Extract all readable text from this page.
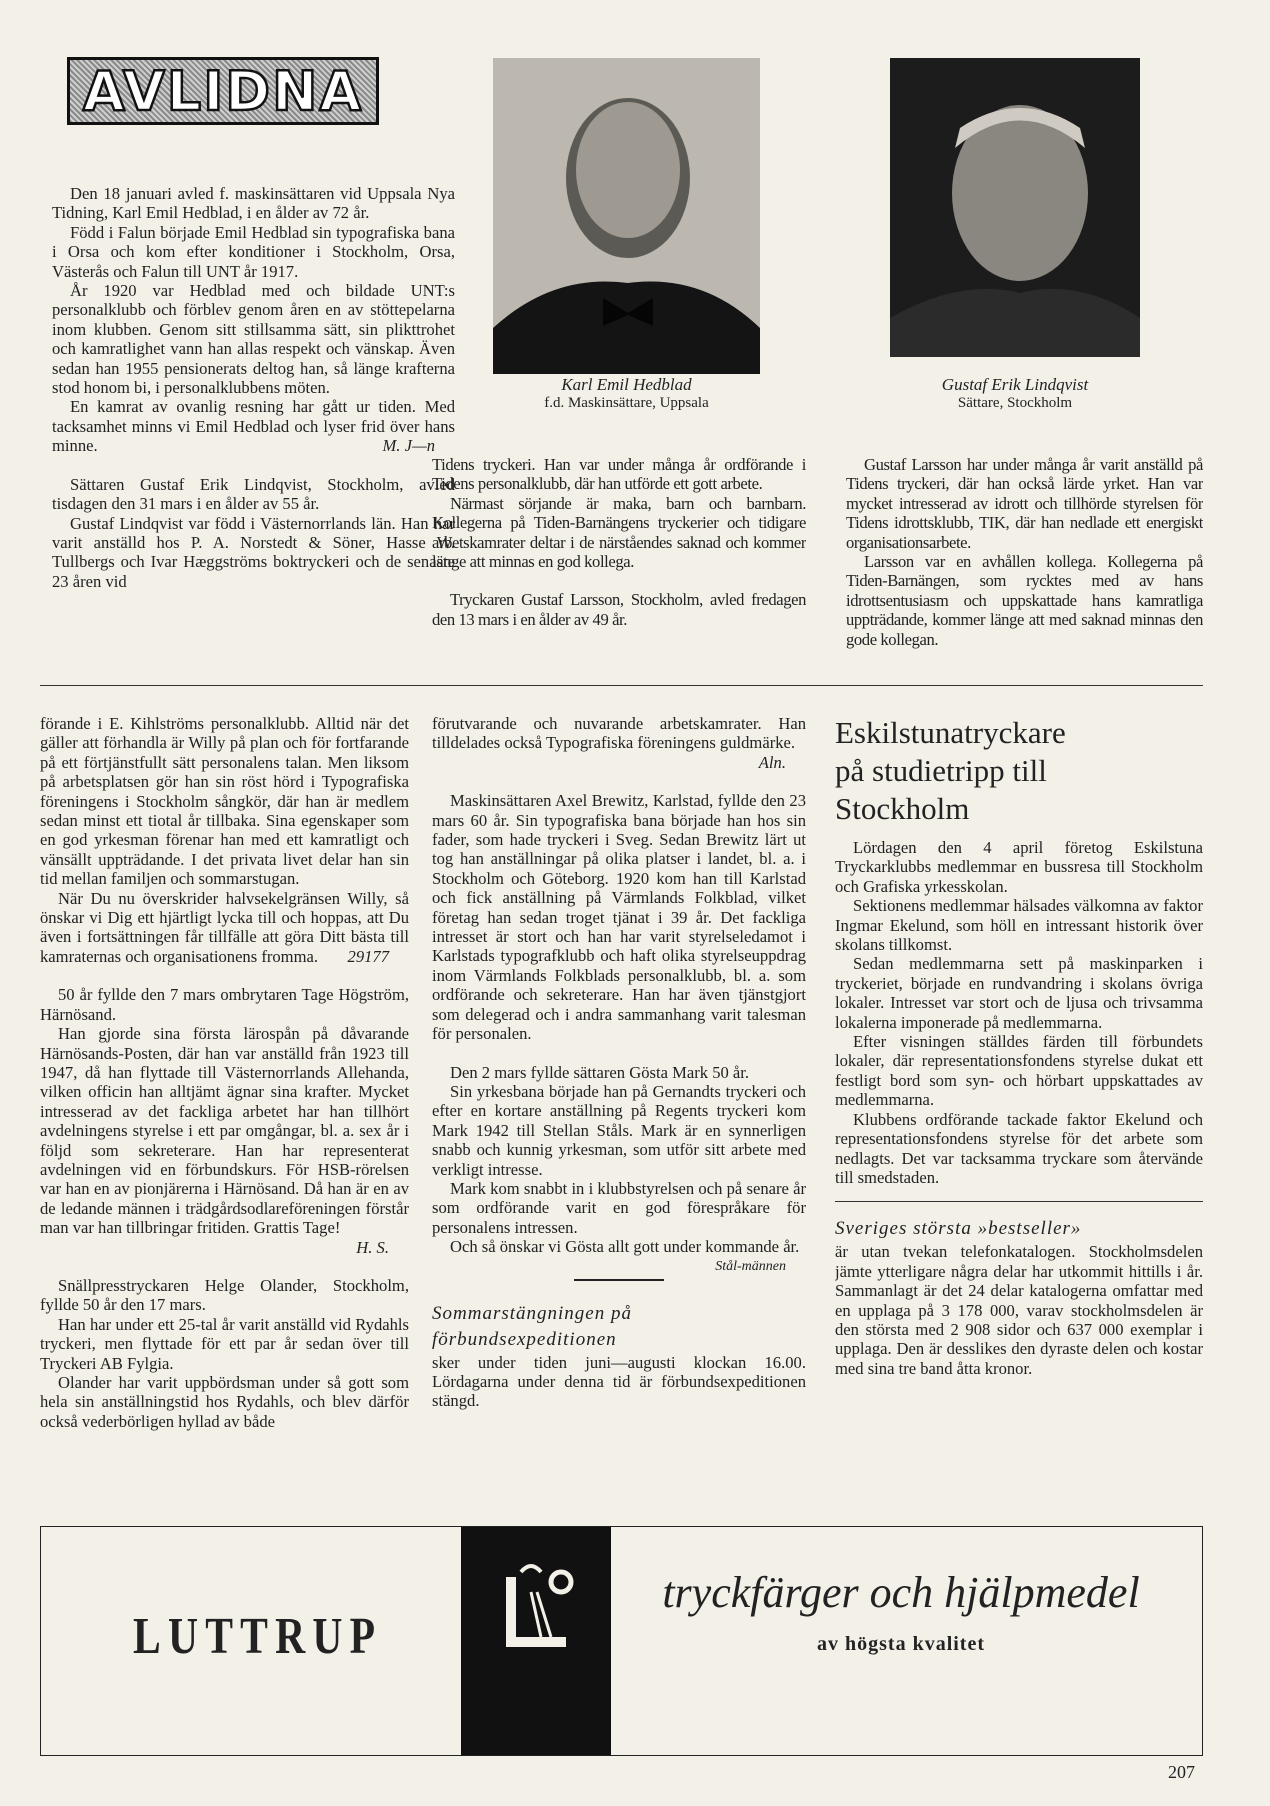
AVLIDNA

Den 18 januari avled f. maskinsättaren vid Uppsala Nya Tidning, Karl Emil Hedblad, i en ålder av 72 år.

Född i Falun började Emil Hedblad sin typografiska bana i Orsa och kom efter konditioner i Stockholm, Orsa, Västerås och Falun till UNT år 1917.

År 1920 var Hedblad med och bildade UNT:s personalklubb och förblev genom åren en av stöttepelarna inom klubben. Genom sitt stillsamma sätt, sin plikttrohet och kamratlighet vann han allas respekt och vänskap. Även sedan han 1955 pensionerats deltog han, så länge krafterna stod honom bi, i personalklubbens möten.

En kamrat av ovanlig resning har gått ur tiden. Med tacksamhet minns vi Emil Hedblad och lyser frid över hans minne.	M. J—n

Sättaren Gustaf Erik Lindqvist, Stockholm, avled tisdagen den 31 mars i en ålder av 55 år.

Gustaf Lindqvist var född i Västernorrlands län. Han har varit anställd hos P. A. Norstedt & Söner, Hasse W. Tullbergs och Ivar Hæggströms boktryckeri och de senaste 23 åren vid

Karl Emil Hedblad
f.d. Maskinsättare, Uppsala
Gustaf Erik Lindqvist
Sättare, Stockholm

Tidens tryckeri. Han var under många år ordförande i Tidens personalklubb, där han utförde ett gott arbete.

Närmast sörjande är maka, barn och barnbarn. Kollegerna på Tiden-Barnängens tryckerier och tidigare arbetskamrater deltar i de närståendes saknad och kommer länge att minnas en god kollega.

Tryckaren Gustaf Larsson, Stockholm, avled fredagen den 13 mars i en ålder av 49 år.

Gustaf Larsson har under många år varit anställd på Tidens tryckeri, där han också lärde yrket. Han var mycket intresserad av idrott och tillhörde styrelsen för Tidens idrottsklubb, TIK, där han nedlade ett energiskt organisationsarbete.

Larsson var en avhållen kollega. Kollegerna på Tiden-Barnängen, som rycktes med av hans idrottsentusiasm och uppskattade hans kamratliga uppträdande, kommer länge att med saknad minnas den gode kollegan.

förande i E. Kihlströms personalklubb. Alltid när det gäller att förhandla är Willy på plan och för fortfarande på ett förtjänstfullt sätt personalens talan. Men liksom på arbetsplatsen gör han sin röst hörd i Typografiska föreningens i Stockholm sångkör, där han är medlem sedan minst ett tiotal år tillbaka. Sina egenskaper som en god yrkesman förenar han med ett kamratligt och vänsällt uppträdande. I det privata livet delar han sin tid mellan familjen och sommarstugan.

När Du nu överskrider halvsekelgränsen Willy, så önskar vi Dig ett hjärtligt lycka till och hoppas, att Du även i fortsättningen får tillfälle att göra Ditt bästa till kamraternas och organisationens fromma.	29177

50 år fyllde den 7 mars ombrytaren Tage Högström, Härnösand.

Han gjorde sina första lärospån på dåvarande Härnösands-Posten, där han var anställd från 1923 till 1947, då han flyttade till Västernorrlands Allehanda, vilken officin han alltjämt ägnar sina krafter. Mycket intresserad av det fackliga arbetet har han tillhört avdelningens styrelse i ett par omgångar, bl. a. sex år i följd som sekreterare. Han har representerat avdelningen vid en förbundskurs. För HSB-rörelsen var han en av pionjärerna i Härnösand. Då han är en av de ledande männen i trädgårdsodlareföreningen förstår man var han tillbringar fritiden. Grattis Tage!
H. S.

Snällpresstryckaren Helge Olander, Stockholm, fyllde 50 år den 17 mars.

Han har under ett 25-tal år varit anställd vid Rydahls tryckeri, men flyttade för ett par år sedan över till Tryckeri AB Fylgia.

Olander har varit uppbördsman under så gott som hela sin anställningstid hos Rydahls, och blev därför också vederbörligen hyllad av både

förutvarande och nuvarande arbetskamrater. Han tilldelades också Typografiska föreningens guldmärke.
Aln.

Maskinsättaren Axel Brewitz, Karlstad, fyllde den 23 mars 60 år. Sin typografiska bana började han hos sin fader, som hade tryckeri i Sveg. Sedan Brewitz lärt ut tog han anställningar på olika platser i landet, bl. a. i Stockholm och Göteborg. 1920 kom han till Karlstad och fick anställning på Värmlands Folkblad, vilket företag han sedan troget tjänat i 39 år. Det fackliga intresset är stort och han har varit styrelseledamot i Karlstads typografklubb och haft olika styrelseuppdrag inom Värmlands Folkblads personalklubb, bl. a. som ordförande och sekreterare. Han har även tjänstgjort som delegerad och i andra sammanhang varit talesman för personalen.

Den 2 mars fyllde sättaren Gösta Mark 50 år.

Sin yrkesbana började han på Gernandts tryckeri och efter en kortare anställning på Regents tryckeri kom Mark 1942 till Stellan Ståls. Mark är en synnerligen snabb och kunnig yrkesman, som utför sitt arbete med verkligt intresse.

Mark kom snabbt in i klubbstyrelsen och på senare år som ordförande varit en god förespråkare för personalens intressen.

Och så önskar vi Gösta allt gott under kommande år.
Stål-männen

Sommarstängningen på förbundsexpeditionen

sker under tiden juni—augusti klockan 16.00. Lördagarna under denna tid är förbundsexpeditionen stängd.

Eskilstunatryckare på studietripp till Stockholm

Lördagen den 4 april företog Eskilstuna Tryckarklubbs medlemmar en bussresa till Stockholm och Grafiska yrkesskolan.

Sektionens medlemmar hälsades välkomna av faktor Ingmar Ekelund, som höll en intressant historik över skolans tillkomst.

Sedan medlemmarna sett på maskinparken i tryckeriet, började en rundvandring i skolans övriga lokaler. Intresset var stort och de ljusa och trivsamma lokalerna imponerade på medlemmarna.

Efter visningen ställdes färden till förbundets lokaler, där representationsfondens styrelse dukat ett festligt bord som syn- och hörbart uppskattades av medlemmarna.

Klubbens ordförande tackade faktor Ekelund och representationsfondens styrelse för det arbete som nedlagts. Det var tacksamma tryckare som återvände till smedstaden.

Sveriges största »bestseller»

är utan tvekan telefonkatalogen. Stockholmsdelen jämte ytterligare några delar har utkommit hittills i år. Sammanlagt är det 24 delar katalogerna omfattar med en upplaga på 3 178 000, varav stockholmsdelen är den största med 2 908 sidor och 637 000 exemplar i upplaga. Den är desslikes den dyraste delen och kostar med sina tre band åtta kronor.

LUTTRUP
tryckfärger och hjälpmedel
av högsta kvalitet
207
